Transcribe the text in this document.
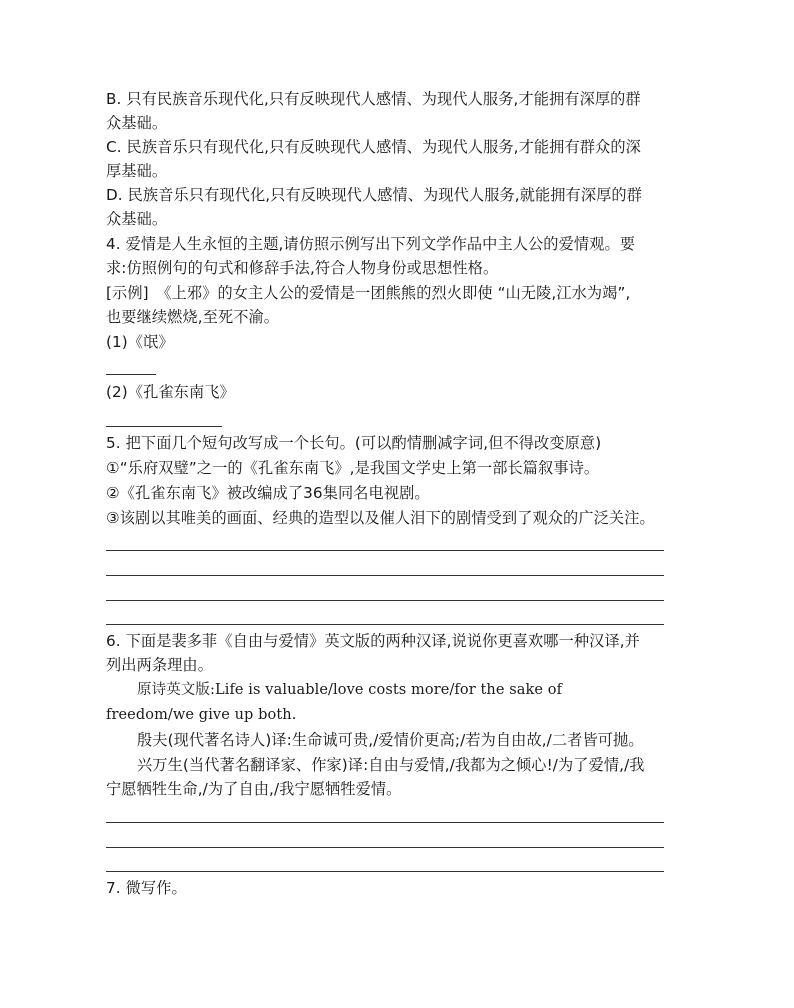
B. 只有民族音乐现代化,只有反映现代人感情、为现代人服务,才能拥有深厚的群
众基础。
C. 民族音乐只有现代化,只有反映现代人感情、为现代人服务,才能拥有群众的深
厚基础。
D. 民族音乐只有现代化,只有反映现代人感情、为现代人服务,就能拥有深厚的群
众基础。
4. 爱情是人生永恒的主题,请仿照示例写出下列文学作品中主人公的爱情观。要
求:仿照例句的句式和修辞手法,符合人物身份或思想性格。
[示例]　《上邪》的女主人公的爱情是一团熊熊的烈火即使 “山无陵,江水为竭”,
也要继续燃烧,至死不渝。
(1)《氓》
(2)《孔雀东南飞》
5. 把下面几个短句改写成一个长句。(可以酌情删减字词,但不得改变原意)
①“乐府双璧”之一的《孔雀东南飞》,是我国文学史上第一部长篇叙事诗。
②《孔雀东南飞》被改编成了36集同名电视剧。
③该剧以其唯美的画面、经典的造型以及催人泪下的剧情受到了观众的广泛关注。
6. 下面是裴多菲《自由与爱情》英文版的两种汉译,说说你更喜欢哪一种汉译,并
列出两条理由。
原诗英文版:Life is valuable/love costs more/for the sake of
freedom/we give up both.
殷夫(现代著名诗人)译:生命诚可贵,/爱情价更高;/若为自由故,/二者皆可抛。
兴万生(当代著名翻译家、作家)译:自由与爱情,/我都为之倾心!/为了爱情,/我
宁愿牺牲生命,/为了自由,/我宁愿牺牲爱情。
7. 微写作。
